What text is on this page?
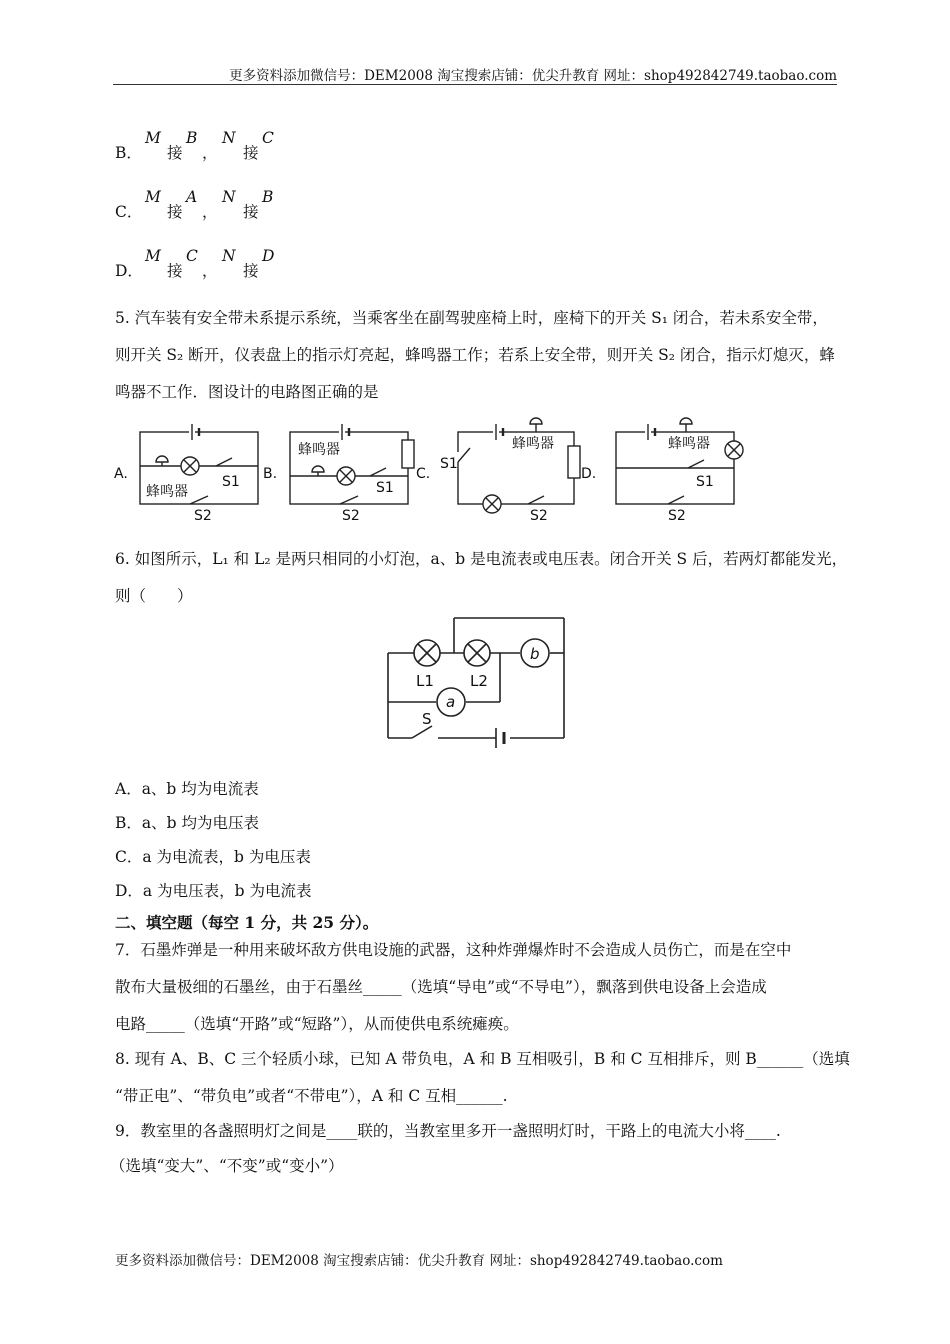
更多资料添加微信号：DEM2008 淘宝搜索店铺：优尖升教育 网址：shop492842749.taobao.com
B．
M
接
B
，
N
接
C
C．
M
接
A
，
N
接
B
D．
M
接
C
，
N
接
D
5. 汽车装有安全带未系提示系统，当乘客坐在副驾驶座椅上时，座椅下的开关 S₁ 闭合，若未系安全带，
则开关 S₂ 断开，仪表盘上的指示灯亮起，蜂鸣器工作；若系上安全带，则开关 S₂ 闭合，指示灯熄灭，蜂
鸣器不工作．图设计的电路图正确的是
A.
蜂鸣器
S1
S2
B.
蜂鸣器
S1
S2
C.
蜂鸣器
S1
S2
D.
蜂鸣器
S1
S2
6. 如图所示，L₁ 和 L₂ 是两只相同的小灯泡，a、b 是电流表或电压表。闭合开关 S 后，若两灯都能发光，
则（　　）
b
a
L1 L2
S
A．a、b 均为电流表
B．a、b 均为电压表
C．a 为电流表，b 为电压表
D．a 为电压表，b 为电流表
二、填空题（每空 1 分，共 25 分）。
7．石墨炸弹是一种用来破坏敌方供电设施的武器，这种炸弹爆炸时不会造成人员伤亡，而是在空中
散布大量极细的石墨丝，由于石墨丝_____（选填“导电”或“不导电”），飘落到供电设备上会造成
电路_____（选填“开路”或“短路”），从而使供电系统瘫痪。
8. 现有 A、B、C 三个轻质小球，已知 A 带负电，A 和 B 互相吸引，B 和 C 互相排斥，则 B______（选填
“带正电”、“带负电”或者“不带电”），A 和 C 互相______.
9．教室里的各盏照明灯之间是____联的，当教室里多开一盏照明灯时，干路上的电流大小将____.
（选填“变大”、“不变”或“变小”）
更多资料添加微信号：DEM2008 淘宝搜索店铺：优尖升教育 网址：shop492842749.taobao.com
